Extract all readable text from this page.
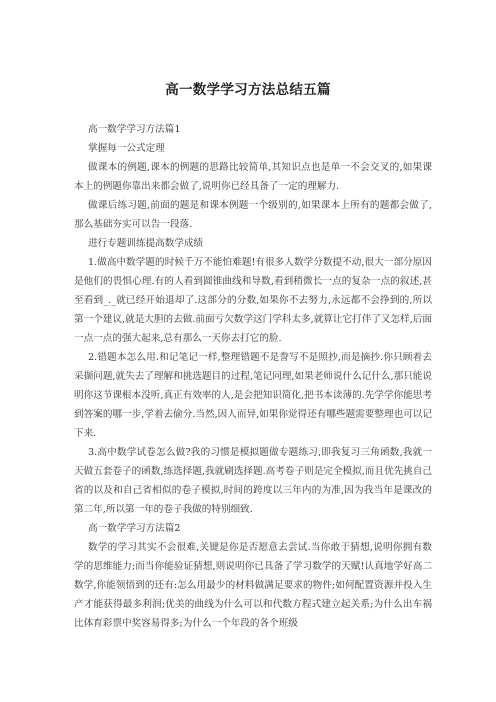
高一数学学习方法总结五篇

高一数学学习方法篇1

掌握每一公式定理

做课本的例题,课本的例题的思路比较简单,其知识点也是单一不会交叉的,如果课本上的例题你靠出来都会做了,说明你已经具备了一定的理解力.

做课后练习题,前面的题是和课本例题一个级别的,如果课本上所有的题都会做了,那么基础夯实可以告一段落.

进行专题训练提高数学成绩

1.做高中数学题的时候千万不能怕难题!有很多人数学分数提不动,很大一部分原因是他们的畏惧心理.有的人看到圆锥曲线和导数,看到稍微长一点的复杂一点的叙述,甚至看到_._就已经开始退却了.这部分的分数,如果你不去努力,永远都不会挣到的,所以第一个建议,就是大胆的去做.前面亏欠数学这门学科太多,就算让它打伴了又怎样,后面一点一点的强大起来,总有那么一天你去打它的脸.

2.错题本怎么用.和记笔记一样,整理错题不是誊写不是照抄,而是摘抄.你只顾着去采撷问题,就失去了理解和挑选题目的过程,笔记同理,如果老师说什么记什么,那只能说明你这节课根本没听,真正有效率的人,是会把知识简化,把书本读薄的.先学学你能思考到答案的哪一步,学着去偷分.当然,因人而异,如果你觉得还有哪些题需要整理也可以记下来.

3.高中数学试卷怎么做?我的习惯是模拟题做专题练习,即我复习三角函数,我就一天做五套卷子的函数,练选择题,我就刷选择题.高考卷子则是完全模拟,而且优先挑自己省的以及和自己省相似的卷子模拟,时间的跨度以三年内的为准,因为我当年是课改的第二年,所以第一年的卷子我做的特别细致.

高一数学学习方法篇2

数学的学习其实不会很难,关键是你是否愿意去尝试.当你敢于猜想,说明你拥有数学的思维能力;而当你能验证猜想,则说明你已具备了学习数学的天赋!认真地学好高二数学,你能领悟到的还有:怎么用最少的材料做满足要求的物件;如何配置资源并投入生产才能获得最多利润;优美的曲线为什么可以和代数方程式建立起关系;为什么出车祸比体育彩票中奖容易得多;为什么一个年段的各个班级
